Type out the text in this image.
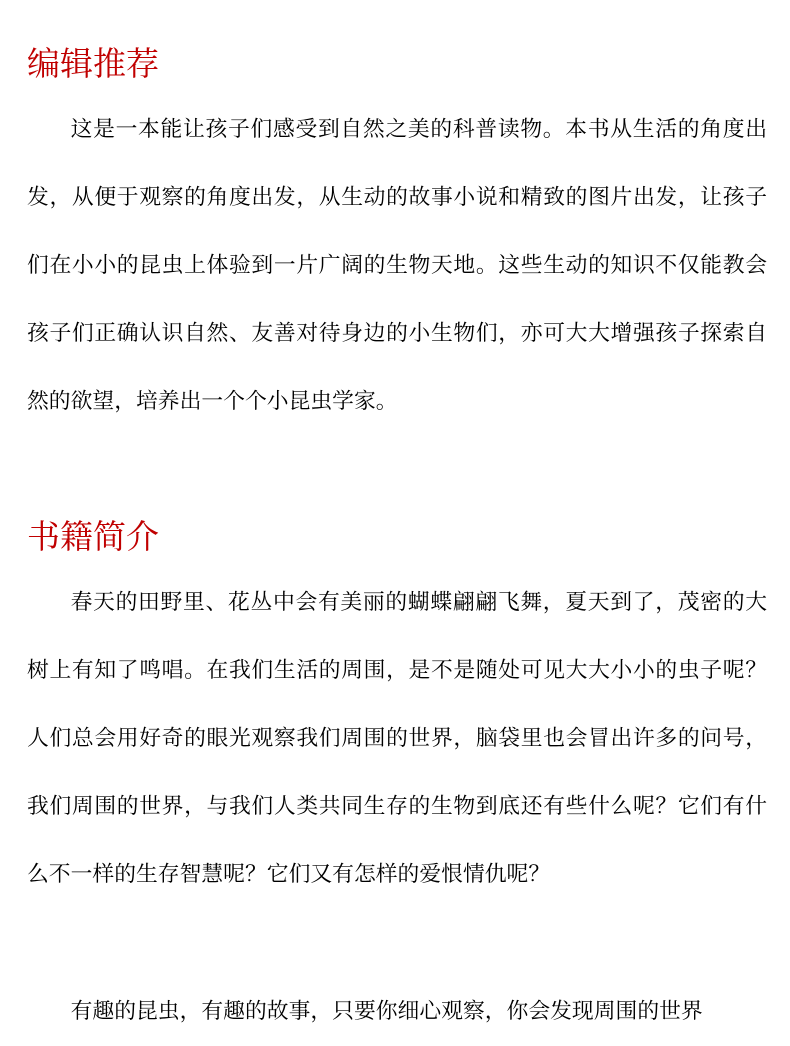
编辑推荐

这是一本能让孩子们感受到自然之美的科普读物。本书从生活的角度出发，从便于观察的角度出发，从生动的故事小说和精致的图片出发，让孩子们在小小的昆虫上体验到一片广阔的生物天地。这些生动的知识不仅能教会孩子们正确认识自然、友善对待身边的小生物们，亦可大大增强孩子探索自然的欲望，培养出一个个小昆虫学家。

书籍简介

春天的田野里、花丛中会有美丽的蝴蝶翩翩飞舞，夏天到了，茂密的大树上有知了鸣唱。在我们生活的周围，是不是随处可见大大小小的虫子呢？人们总会用好奇的眼光观察我们周围的世界，脑袋里也会冒出许多的问号，我们周围的世界，与我们人类共同生存的生物到底还有些什么呢？它们有什么不一样的生存智慧呢？它们又有怎样的爱恨情仇呢？

有趣的昆虫，有趣的故事，只要你细心观察，你会发现周围的世界
